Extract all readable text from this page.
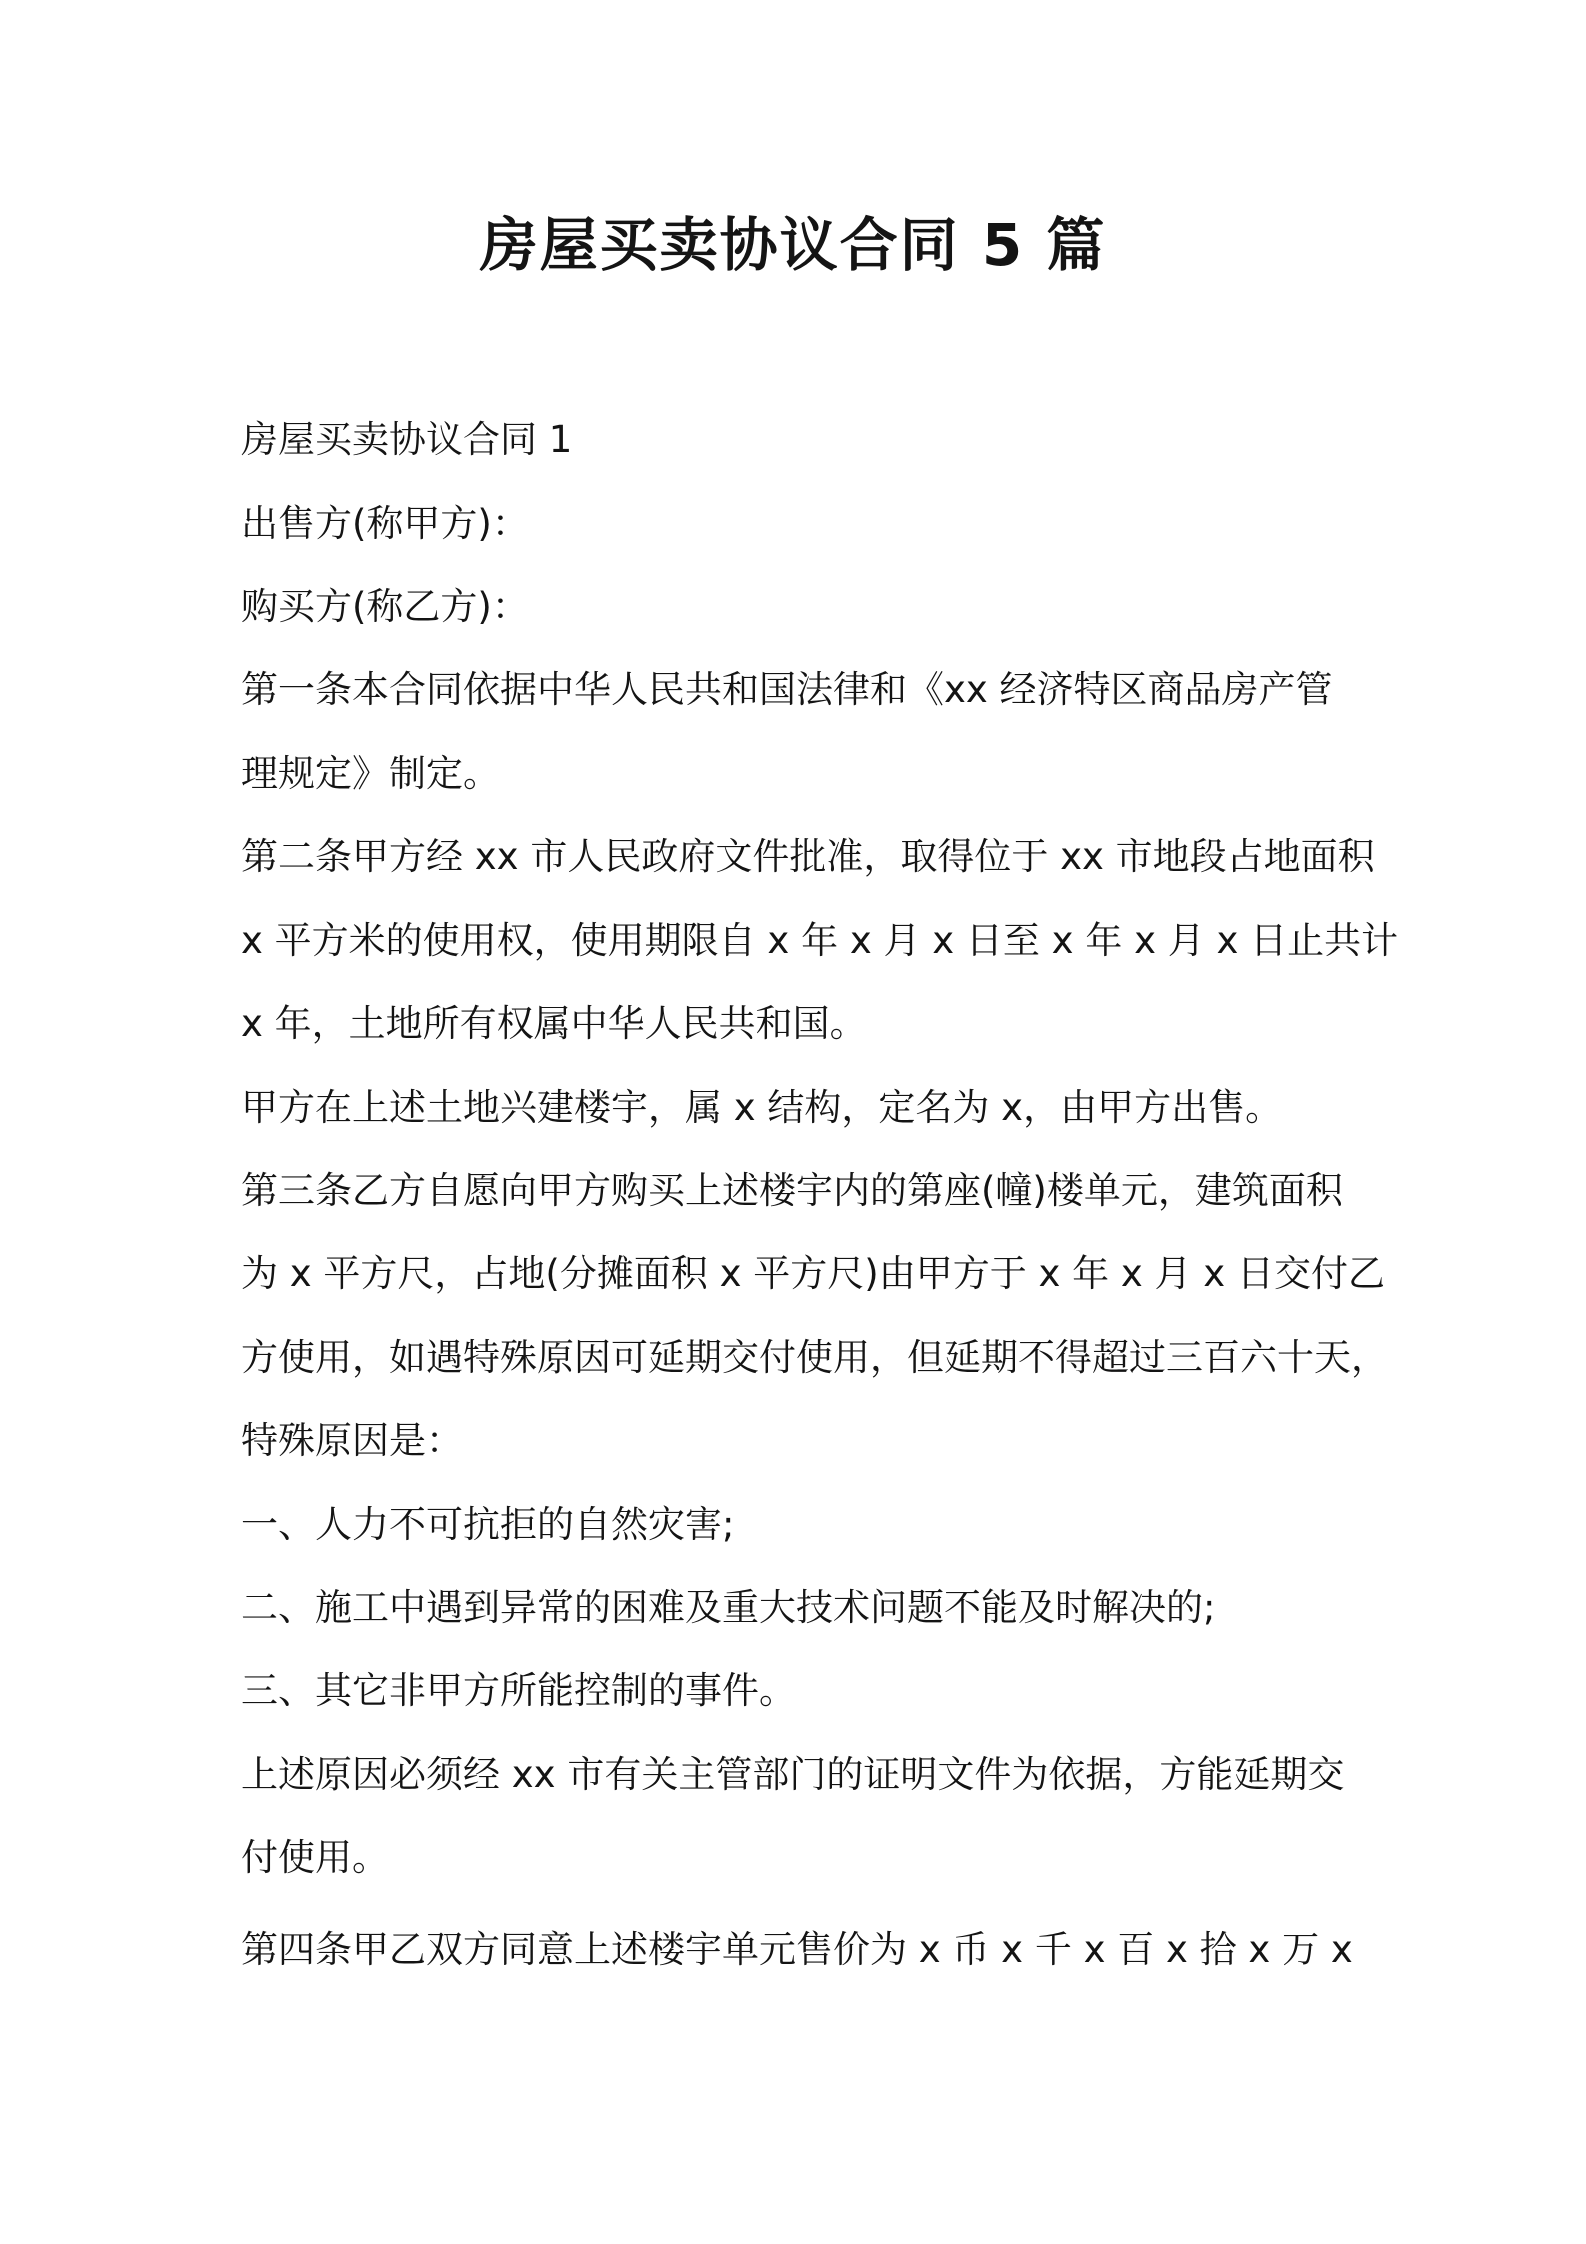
房屋买卖协议合同 5 篇
房屋买卖协议合同 1
出售方(称甲方)：
购买方(称乙方)：
第一条本合同依据中华人民共和国法律和《xx 经济特区商品房产管
理规定》制定。
第二条甲方经 xx 市人民政府文件批准，取得位于 xx 市地段占地面积
x 平方米的使用权，使用期限自 x 年 x 月 x 日至 x 年 x 月 x 日止共计
x 年，土地所有权属中华人民共和国。
甲方在上述土地兴建楼宇，属 x 结构，定名为 x，由甲方出售。
第三条乙方自愿向甲方购买上述楼宇内的第座(幢)楼单元，建筑面积
为 x 平方尺，占地(分摊面积 x 平方尺)由甲方于 x 年 x 月 x 日交付乙
方使用，如遇特殊原因可延期交付使用，但延期不得超过三百六十天，
特殊原因是：
一、人力不可抗拒的自然灾害;
二、施工中遇到异常的困难及重大技术问题不能及时解决的;
三、其它非甲方所能控制的事件。
上述原因必须经 xx 市有关主管部门的证明文件为依据，方能延期交
付使用。
第四条甲乙双方同意上述楼宇单元售价为 x 币 x 千 x 百 x 拾 x 万 x
